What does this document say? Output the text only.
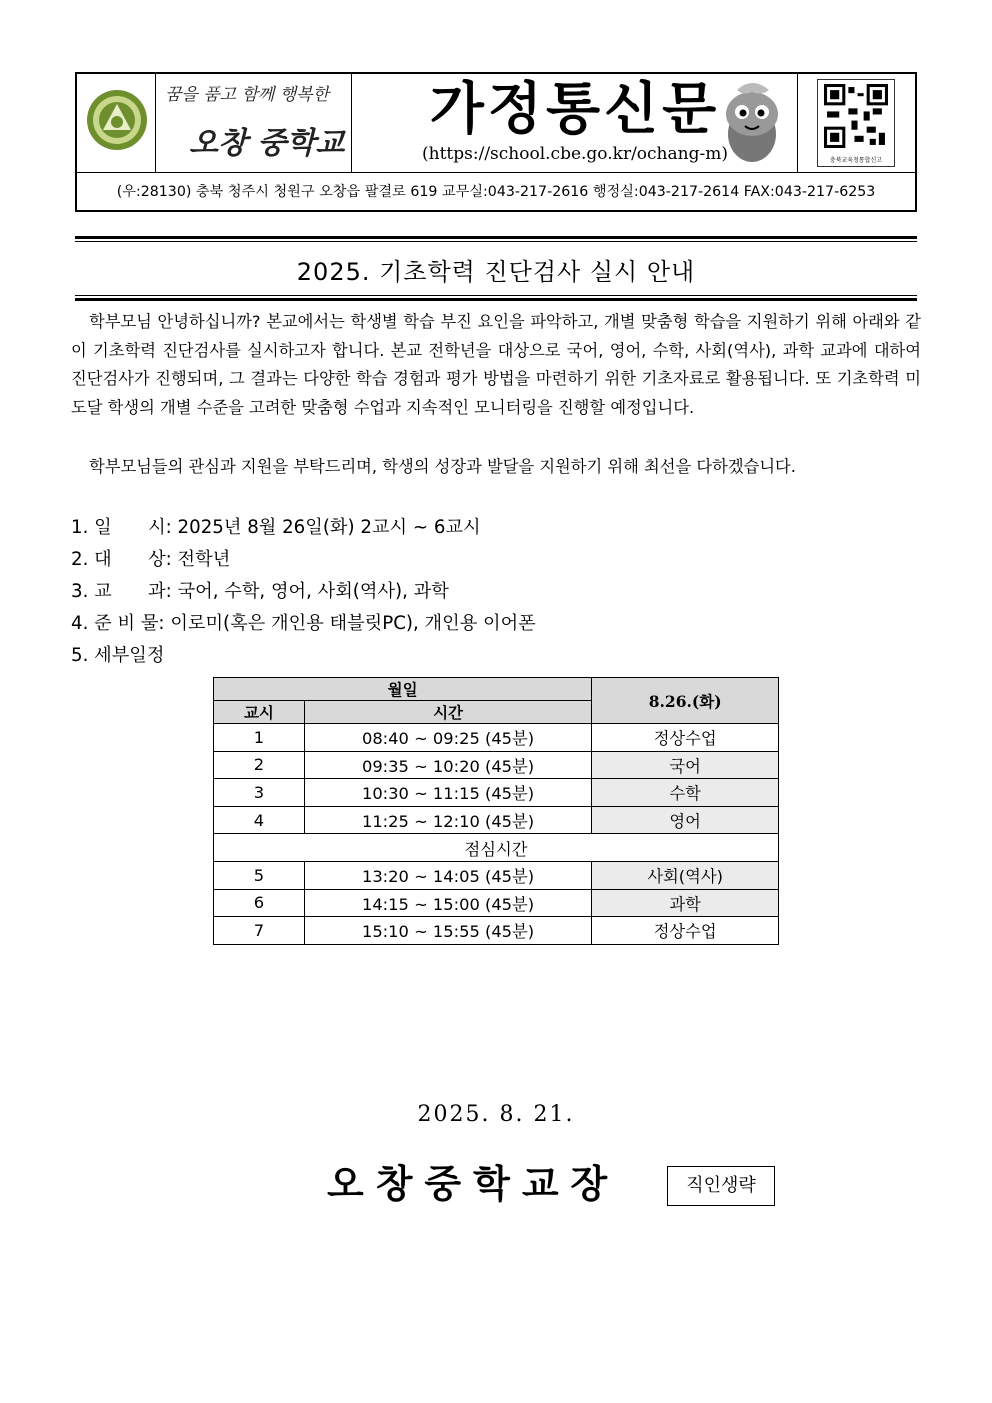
꿈을 품고 함께 행복한
오창 중학교
가정통신문
(https://school.cbe.go.kr/ochang-m)	충북교육청통합신고
(우:28130) 충북 청주시 청원구 오창읍 팔결로 619 교무실:043-217-2616 행정실:043-217-2614 FAX:043-217-6253
2025. 기초학력 진단검사 실시 안내
학부모님 안녕하십니까? 본교에서는 학생별 학습 부진 요인을 파악하고, 개별 맞춤형 학습을 지원하기 위해 아래와 같이 기초학력 진단검사를 실시하고자 합니다. 본교 전학년을 대상으로 국어, 영어, 수학, 사회(역사), 과학 교과에 대하여 진단검사가 진행되며, 그 결과는 다양한 학습 경험과 평가 방법을 마련하기 위한 기초자료로 활용됩니다. 또 기초학력 미도달 학생의 개별 수준을 고려한 맞춤형 수업과 지속적인 모니터링을 진행할 예정입니다.
학부모님들의 관심과 지원을 부탁드리며, 학생의 성장과 발달을 지원하기 위해 최선을 다하겠습니다.
1. 일　　시: 2025년 8월 26일(화) 2교시 ~ 6교시
2. 대　　상: 전학년
3. 교　　과: 국어, 수학, 영어, 사회(역사), 과학
4. 준 비 물: 이로미(혹은 개인용 태블릿PC), 개인용 이어폰
5. 세부일정
월일		8.26.(화)
교시	시간	
1	08:40 ~ 09:25 (45분)	정상수업
2	09:35 ~ 10:20 (45분)	국어
3	10:30 ~ 11:15 (45분)	수학
4	11:25 ~ 12:10 (45분)	영어
점심시간		
5	13:20 ~ 14:05 (45분)	사회(역사)
6	14:15 ~ 15:00 (45분)	과학
7	15:10 ~ 15:55 (45분)	정상수업
2025. 8. 21.
오창중학교장	직인생략
